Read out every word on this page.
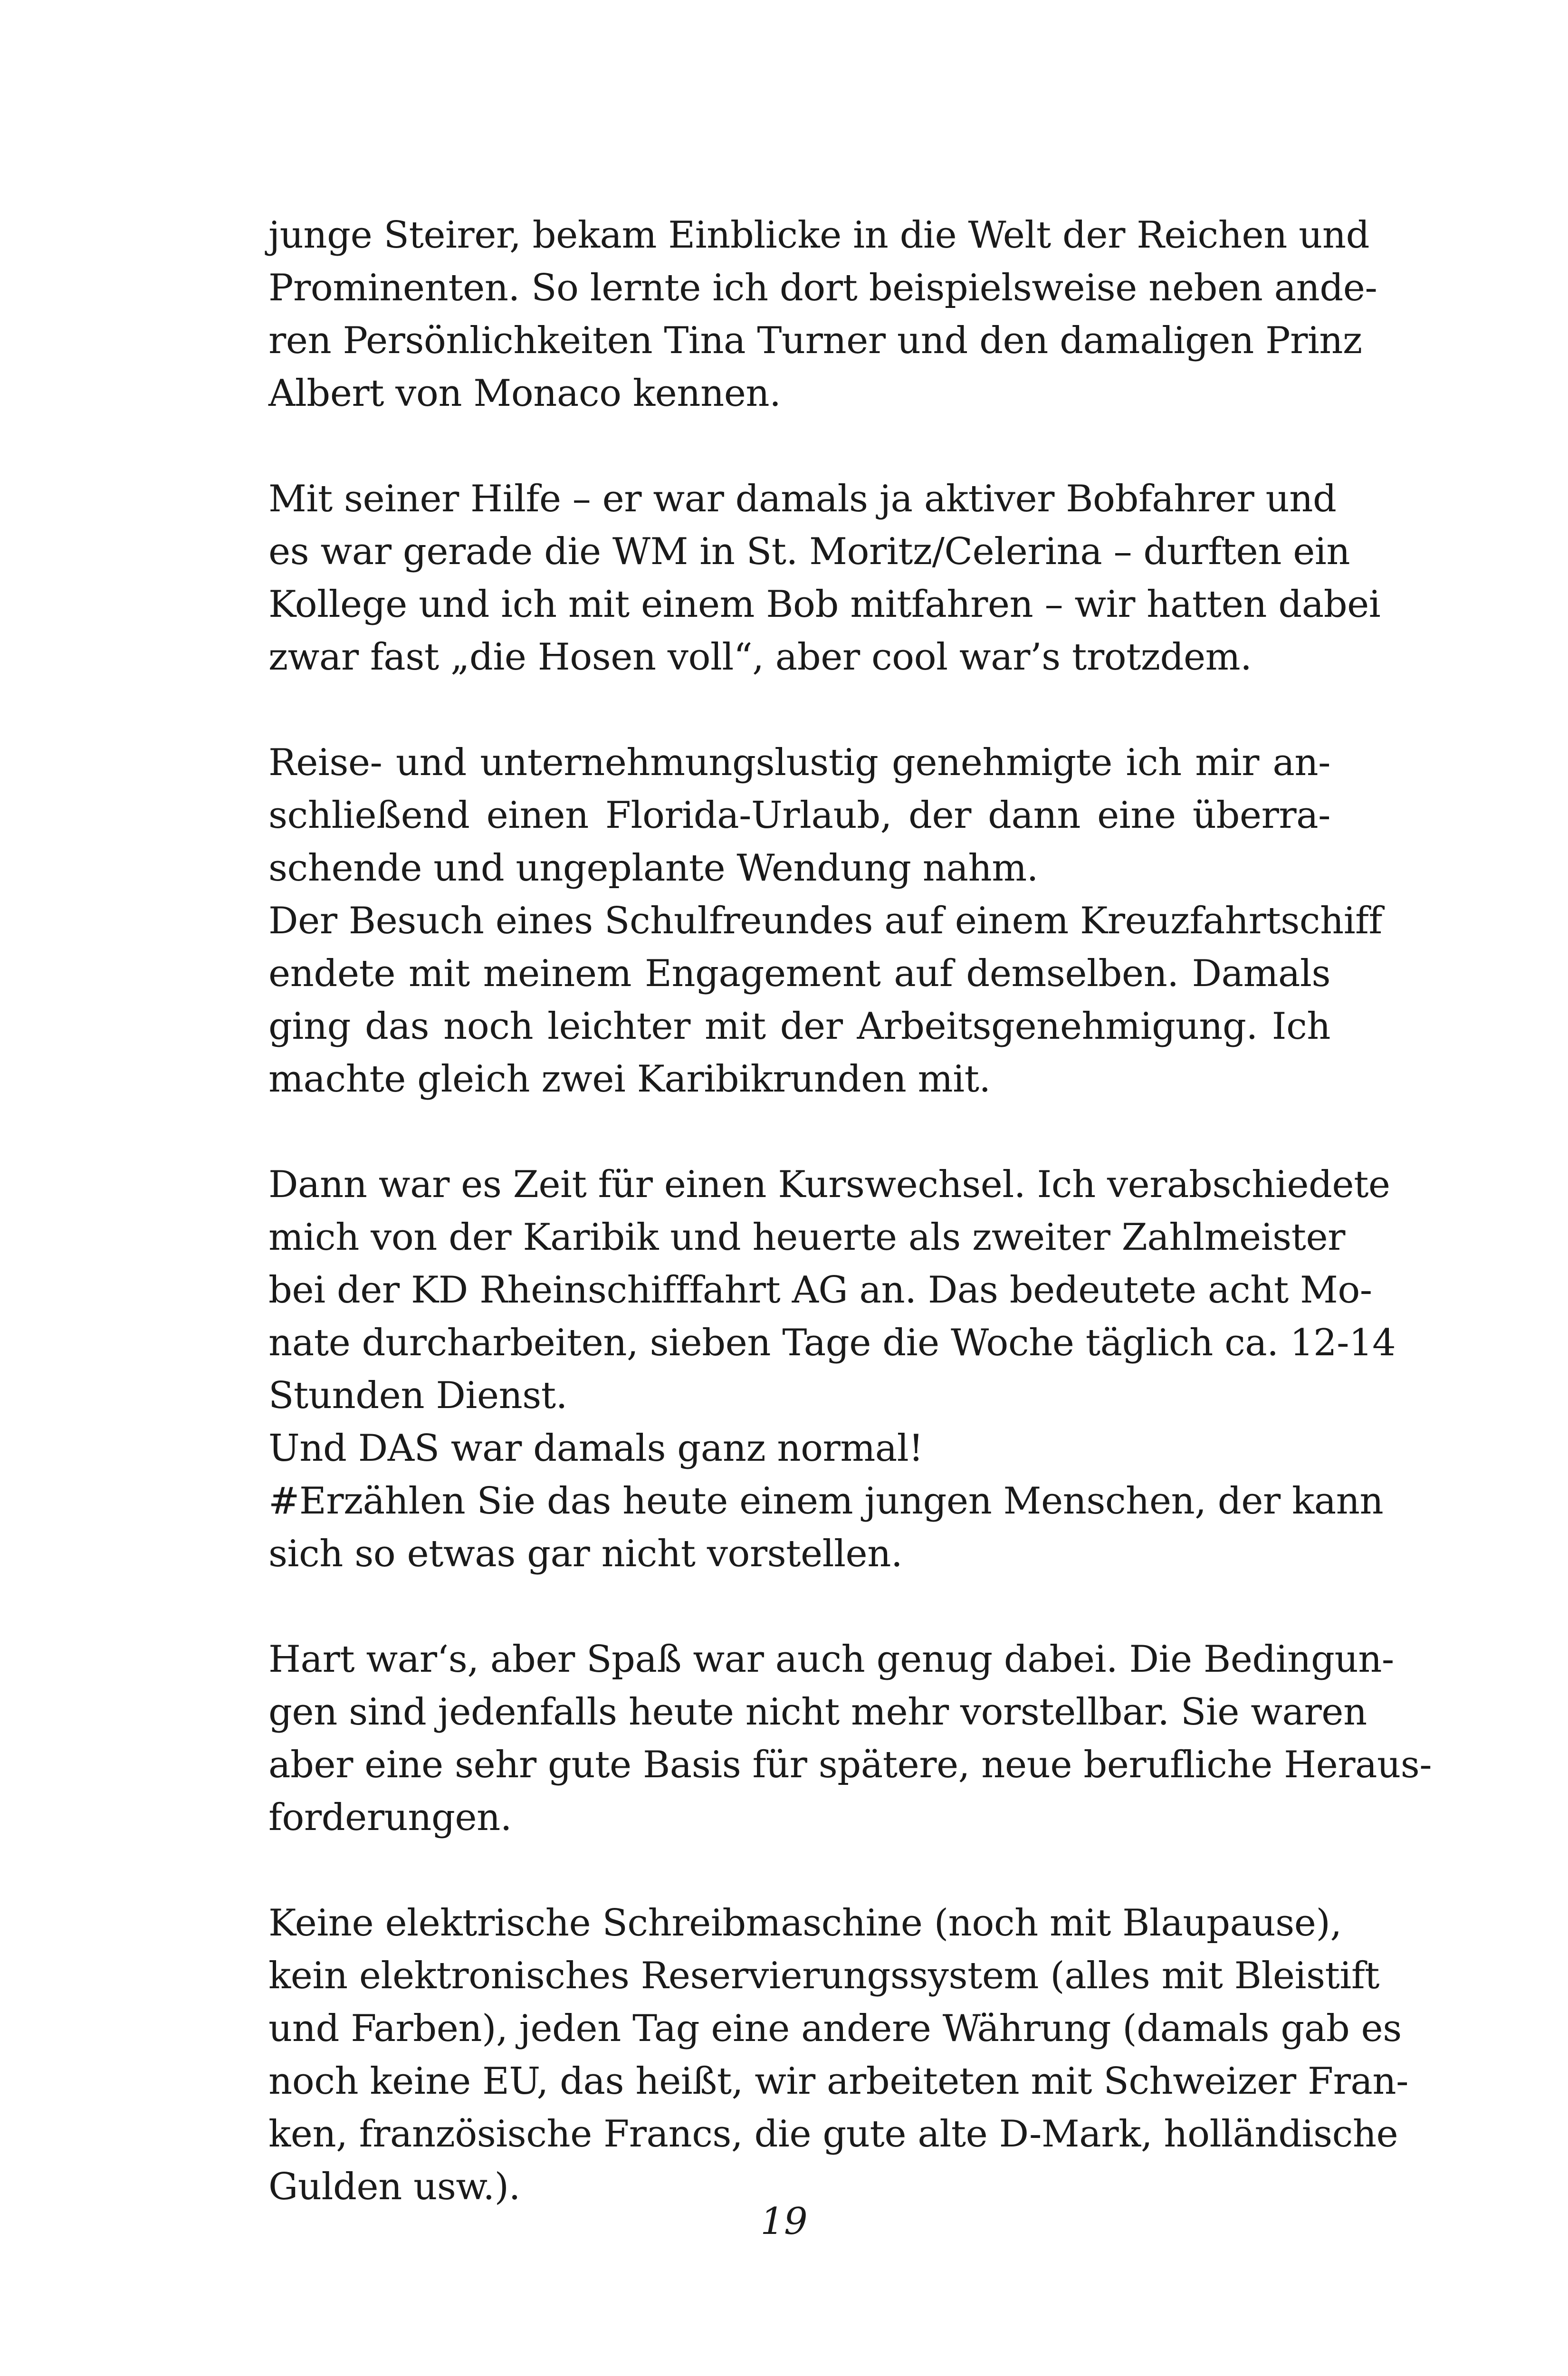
junge Steirer, bekam Einblicke in die Welt der Reichen und
Prominenten. So lernte ich dort beispielsweise neben ande-
ren Persönlichkeiten Tina Turner und den damaligen Prinz
Albert von Monaco kennen.

Mit seiner Hilfe – er war damals ja aktiver Bobfahrer und
es war gerade die WM in St. Moritz/Celerina – durften ein
Kollege und ich mit einem Bob mitfahren – wir hatten dabei
zwar fast „die Hosen voll“, aber cool war’s trotzdem.

Reise- und unternehmungslustig genehmigte ich mir an-
schließend einen Florida-Urlaub, der dann eine überra-
schende und ungeplante Wendung nahm.
Der Besuch eines Schulfreundes auf einem Kreuzfahrtschiff
endete mit meinem Engagement auf demselben. Damals
ging das noch leichter mit der Arbeitsgenehmigung. Ich
machte gleich zwei Karibikrunden mit.

Dann war es Zeit für einen Kurswechsel. Ich verabschiedete
mich von der Karibik und heuerte als zweiter Zahlmeister
bei der KD Rheinschifffahrt AG an. Das bedeutete acht Mo-
nate durcharbeiten, sieben Tage die Woche täglich ca. 12-14
Stunden Dienst.
Und DAS war damals ganz normal!
#Erzählen Sie das heute einem jungen Menschen, der kann
sich so etwas gar nicht vorstellen.

Hart war‘s, aber Spaß war auch genug dabei. Die Bedingun-
gen sind jedenfalls heute nicht mehr vorstellbar. Sie waren
aber eine sehr gute Basis für spätere, neue berufliche Heraus-
forderungen.

Keine elektrische Schreibmaschine (noch mit Blaupause),
kein elektronisches Reservierungssystem (alles mit Bleistift
und Farben), jeden Tag eine andere Währung (damals gab es
noch keine EU, das heißt, wir arbeiteten mit Schweizer Fran-
ken, französische Francs, die gute alte D-Mark, holländische
Gulden usw.).

19
